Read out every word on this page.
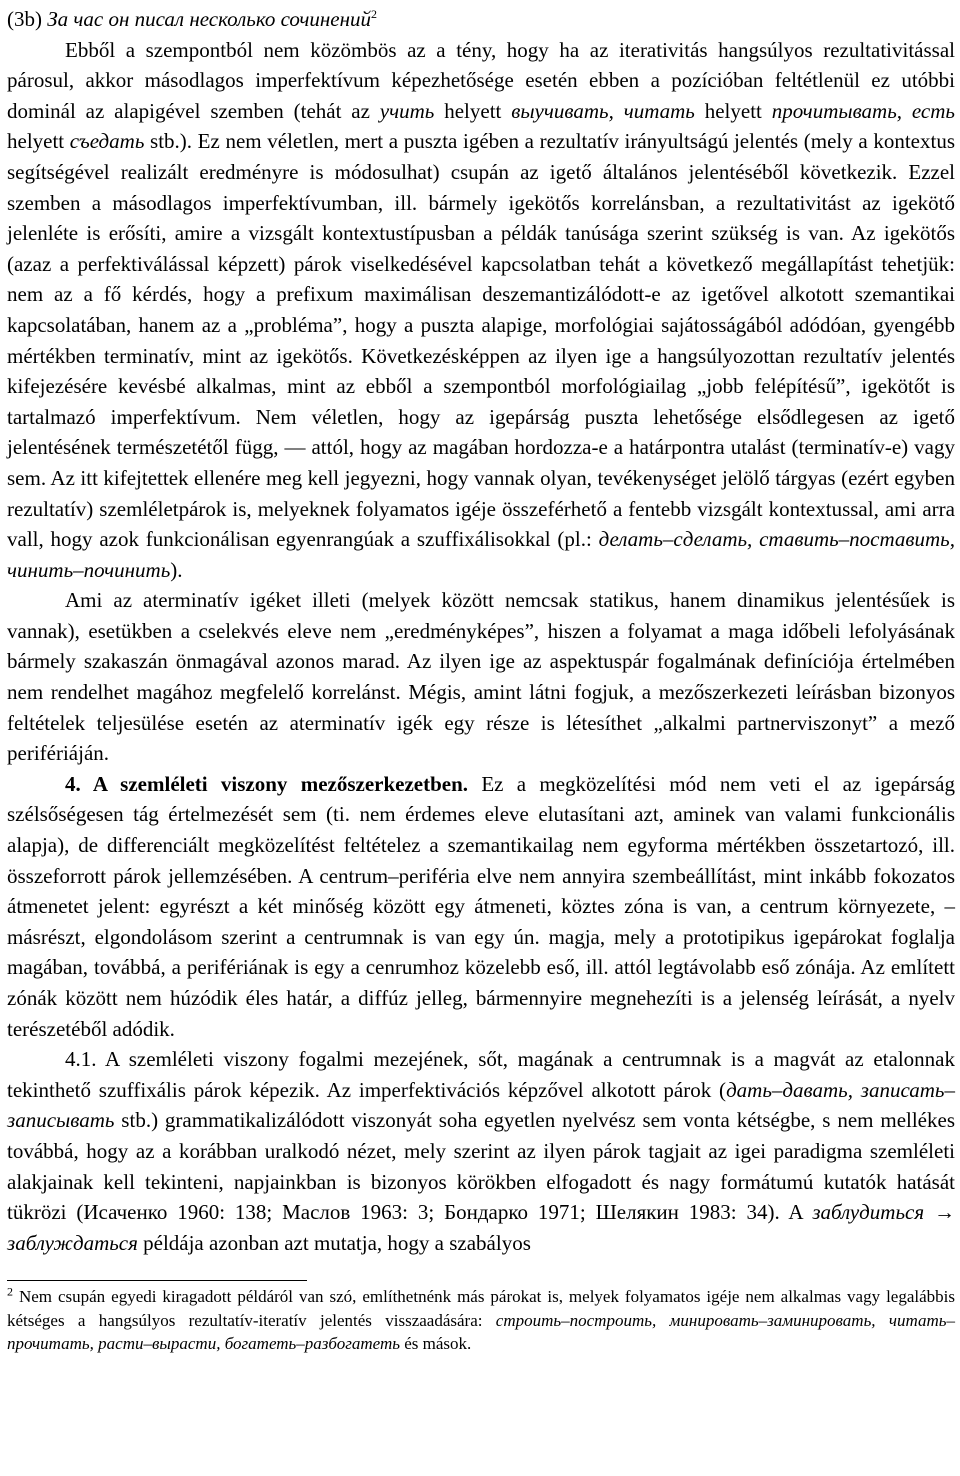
(3b) За час он писал несколько сочинений$^2$

Ebből a szempontból nem közömbös az a tény, hogy ha az iterativitás hangsúlyos rezultativitással párosul, akkor másodlagos imperfektívum képezhetősége esetén ebben a pozícióban feltétlenül ez utóbbi dominál az alapigével szemben (tehát az учить helyett выучивать, читать helyett прочитывать, есть helyett съедать stb.). Ez nem véletlen, mert a puszta igében a rezultatív irányultságú jelentés (mely a kontextus segítségével realizált eredményre is módosulhat) csupán az igető általános jelentéséből következik. Ezzel szemben a másodlagos imperfektívumban, ill. bármely igekötős korrelánsban, a rezultativitást az igekötő jelenléte is erősíti, amire a vizsgált kontextustípusban a példák tanúsága szerint szükség is van. Az igekötős (azaz a perfektiválással képzett) párok viselkedésével kapcsolatban tehát a következő megállapítást tehetjük: nem az a fő kérdés, hogy a prefixum maximálisan deszemantizálódott-e az igetővel alkotott szemantikai kapcsolatában, hanem az a „probléma”, hogy a puszta alapige, morfológiai sajátosságából adódóan, gyengébb mértékben terminatív, mint az igekötős. Következésképpen az ilyen ige a hangsúlyozottan rezultatív jelentés kifejezésére kevésbé alkalmas, mint az ebből a szempontból morfológiailag „jobb felépítésű”, igekötőt is tartalmazó imperfektívum. Nem véletlen, hogy az igepárság puszta lehetősége elsődlegesen az igető jelentésének természetétől függ, — attól, hogy az magában hordozza-e a határpontra utalást (terminatív-e) vagy sem. Az itt kifejtettek ellenére meg kell jegyezni, hogy vannak olyan, tevékenységet jelölő tárgyas (ezért egyben rezultatív) szemléletpárok is, melyeknek folyamatos igéje összeférhető a fentebb vizsgált kontextussal, ami arra vall, hogy azok funkcionálisan egyenrangúak a szuffixálisokkal (pl.: делать–сделать, ставить–поставить, чинить–починить).

Ami az aterminatív igéket illeti (melyek között nemcsak statikus, hanem dinamikus jelentésűek is vannak), esetükben a cselekvés eleve nem „eredményképes”, hiszen a folyamat a maga időbeli lefolyásának bármely szakaszán önmagával azonos marad. Az ilyen ige az aspektuspár fogalmának definíciója értelmében nem rendelhet magához megfelelő korrelánst. Mégis, amint látni fogjuk, a mezőszerkezeti leírásban bizonyos feltételek teljesülése esetén az aterminatív igék egy része is létesíthet „alkalmi partnerviszonyt” a mező perifériáján.

4. A szemléleti viszony mezőszerkezetben. Ez a megközelítési mód nem veti el az igepárság szélsőségesen tág értelmezését sem (ti. nem érdemes eleve elutasítani azt, aminek van valami funkcionális alapja), de differenciált megközelítést feltételez a szemantikailag nem egyforma mértékben összetartozó, ill. összeforrott párok jellemzésében. A centrum–periféria elve nem annyira szembeállítást, mint inkább fokozatos átmenetet jelent: egyrészt a két minőség között egy átmeneti, köztes zóna is van, a centrum környezete, – másrészt, elgondolásom szerint a centrumnak is van egy ún. magja, mely a prototipikus igepárokat foglalja magában, továbbá, a perifériának is egy a cenrumhoz közelebb eső, ill. attól legtávolabb eső zónája. Az említett zónák között nem húzódik éles határ, a diffúz jelleg, bármennyire megnehezíti is a jelenség leírását, a nyelv terészetéből adódik.

4.1. A szemléleti viszony fogalmi mezejének, sőt, magának a centrumnak is a magvát az etalonnak tekinthető szuffixális párok képezik. Az imperfektivációs képzővel alkotott párok (дать–давать, записать–записывать stb.) grammatikalizálódott viszonyát soha egyetlen nyelvész sem vonta kétségbe, s nem mellékes továbbá, hogy az a korábban uralkodó nézet, mely szerint az ilyen párok tagjait az igei paradigma szemléleti alakjainak kell tekinteni, napjainkban is bizonyos körökben elfogadott és nagy formátumú kutatók hatását tükrözi (Исаченко 1960: 138; Маслов 1963: 3; Бондарко 1971; Шелякин 1983: 34). A заблудиться → заблуждаться példája azonban azt mutatja, hogy a szabályos

$^2$ Nem csupán egyedi kiragadott példáról van szó, említhetnénk más párokat is, melyek folyamatos igéje nem alkalmas vagy legalábbis kétséges a hangsúlyos rezultatív-iteratív jelentés visszaadására: строить–построить, минировать–заминировать, читать–прочитать, расти–вырасти, богатеть–разбогатеть és mások.
